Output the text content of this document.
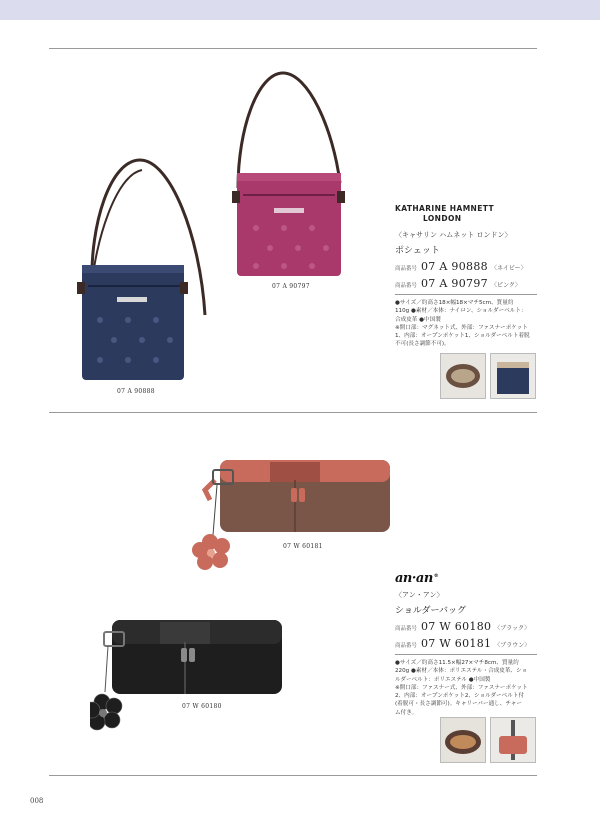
07 A 90888
07 A 90797
KATHARINE HAMNETT
LONDON
〈キャサリン ハムネット ロンドン〉
ポシェット
商品番号 07 A 90888 〈ネイビー〉
商品番号 07 A 90797 〈ピンク〉
●サイズ／約高さ18×幅18×マチ5cm、質量約
110g ●素材／本体：ナイロン、ショルダーベルト：
合成皮革 ●中国製
※開口部：マグネット式、外部：ファスナーポケット
1、内部：オープンポケット1、ショルダーベルト着脱
不可(長さ調節不可)。
07 W 60181
07 W 60180
an·an®
〈アン・アン〉
ショルダーバッグ
商品番号 07 W 60180 〈ブラック〉
商品番号 07 W 60181 〈ブラウン〉
●サイズ／約高さ11.5×幅27×マチ8cm、質量約
220g ●素材／本体：ポリエステル・合成皮革、ショ
ルダーベルト：ポリエステル ●中国製
※開口部：ファスナー式、外部：ファスナーポケット
2、内部：オープンポケット2、ショルダーベルト付
(着脱可・長さ調節可)。キャリーバー通し、チャー
ム付き。
008
